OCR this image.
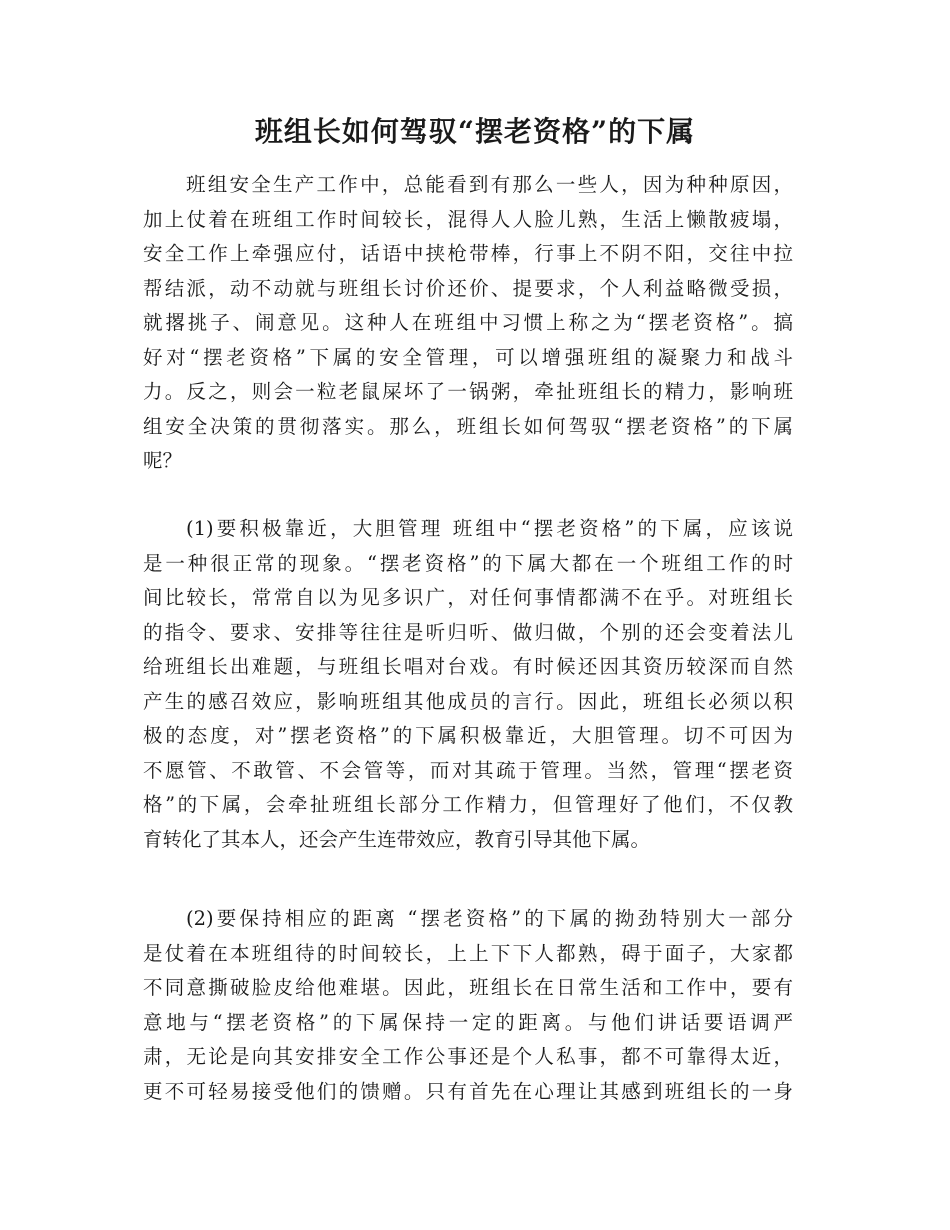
班组长如何驾驭“摆老资格”的下属
班组安全生产工作中，总能看到有那么一些人，因为种种原因，
加上仗着在班组工作时间较长，混得人人脸儿熟，生活上懒散疲塌，
安全工作上牵强应付，话语中挟枪带棒，行事上不阴不阳，交往中拉
帮结派，动不动就与班组长讨价还价、提要求，个人利益略微受损，
就撂挑子、闹意见。这种人在班组中习惯上称之为“摆老资格”。搞
好对“摆老资格”下属的安全管理，可以增强班组的凝聚力和战斗
力。反之，则会一粒老鼠屎坏了一锅粥，牵扯班组长的精力，影响班
组安全决策的贯彻落实。那么，班组长如何驾驭“摆老资格”的下属
呢？
(1)要积极靠近，大胆管理 班组中“摆老资格”的下属，应该说
是一种很正常的现象。“摆老资格”的下属大都在一个班组工作的时
间比较长，常常自以为见多识广，对任何事情都满不在乎。对班组长
的指令、要求、安排等往往是听归听、做归做，个别的还会变着法儿
给班组长出难题，与班组长唱对台戏。有时候还因其资历较深而自然
产生的感召效应，影响班组其他成员的言行。因此，班组长必须以积
极的态度，对”摆老资格”的下属积极靠近，大胆管理。切不可因为
不愿管、不敢管、不会管等，而对其疏于管理。当然，管理“摆老资
格”的下属，会牵扯班组长部分工作精力，但管理好了他们，不仅教
育转化了其本人，还会产生连带效应，教育引导其他下属。
(2)要保持相应的距离 “摆老资格”的下属的拗劲特别大一部分
是仗着在本班组待的时间较长，上上下下人都熟，碍于面子，大家都
不同意撕破脸皮给他难堪。因此，班组长在日常生活和工作中，要有
意地与“摆老资格”的下属保持一定的距离。与他们讲话要语调严
肃，无论是向其安排安全工作公事还是个人私事，都不可靠得太近，
更不可轻易接受他们的馈赠。只有首先在心理让其感到班组长的一身
